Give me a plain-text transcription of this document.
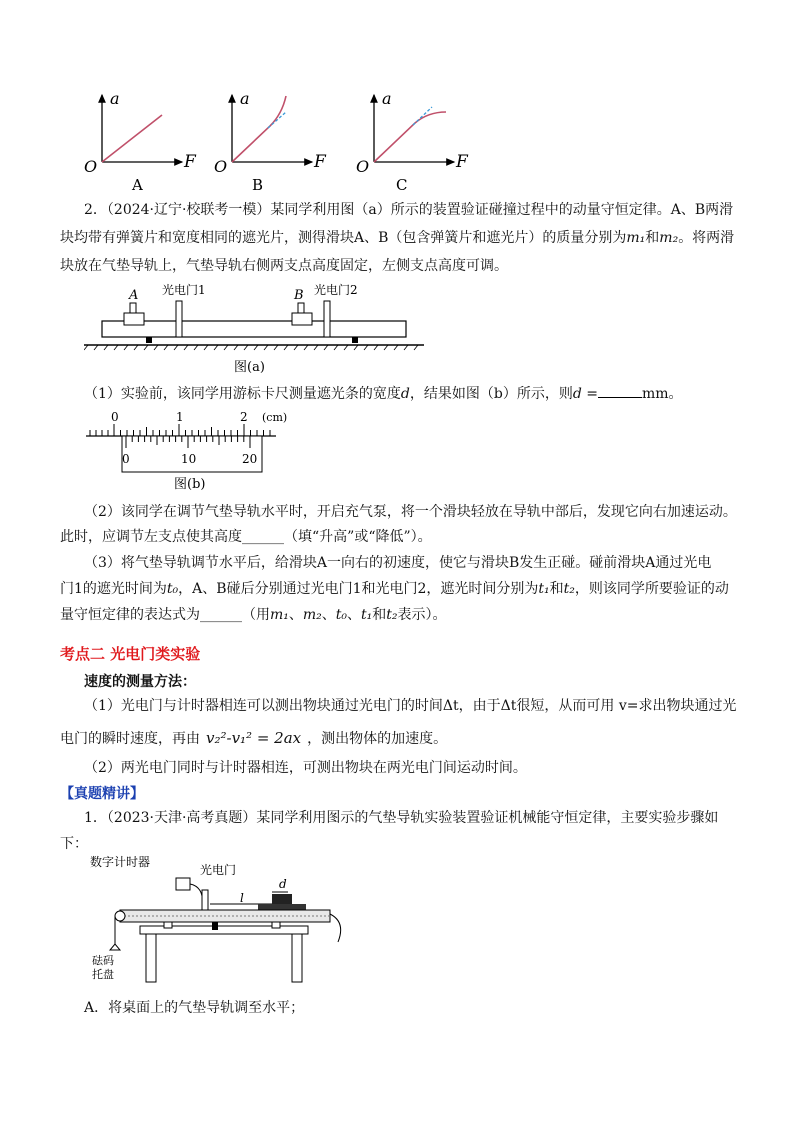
a
F
O
A
a
F
O
B
a
F
O
C
2．（2024·辽宁·校联考一模）某同学利用图（a）所示的装置验证碰撞过程中的动量守恒定律。A、B两滑
块均带有弹簧片和宽度相同的遮光片，测得滑块A、B（包含弹簧片和遮光片）的质量分别为m₁和m₂。将两滑
块放在气垫导轨上，气垫导轨右侧两支点高度固定，左侧支点高度可调。
A 光电门1	B 光电门2
图(a)
（1）实验前，该同学用游标卡尺测量遮光条的宽度d，结果如图（b）所示，则d =	mm。
0	1	2 (cm)
0	10	20
图(b)
（2）该同学在调节气垫导轨水平时，开启充气泵，将一个滑块轻放在导轨中部后，发现它向右加速运动。
此时，应调节左支点使其高度______（填“升高”或“降低”）。
（3）将气垫导轨调节水平后，给滑块A一向右的初速度，使它与滑块B发生正碰。碰前滑块A通过光电
门1的遮光时间为t₀，A、B碰后分别通过光电门1和光电门2，遮光时间分别为t₁和t₂，则该同学所要验证的动
量守恒定律的表达式为______（用m₁、m₂、t₀、t₁和t₂表示）。
考点二 光电门类实验
速度的测量方法：
（1）光电门与计时器相连可以测出物块通过光电门的时间Δt，由于Δt很短，从而可用 v=求出物块通过光
电门的瞬时速度，再由 v₂²-v₁² = 2ax ，测出物体的加速度。
（2）两光电门同时与计时器相连，可测出物块在两光电门间运动时间。
【真题精讲】
1．（2023·天津·高考真题）某同学利用图示的气垫导轨实验装置验证机械能守恒定律，主要实验步骤如
下：
数字计时器
光电门
d
l
砝码
托盘
A．将桌面上的气垫导轨调至水平；
